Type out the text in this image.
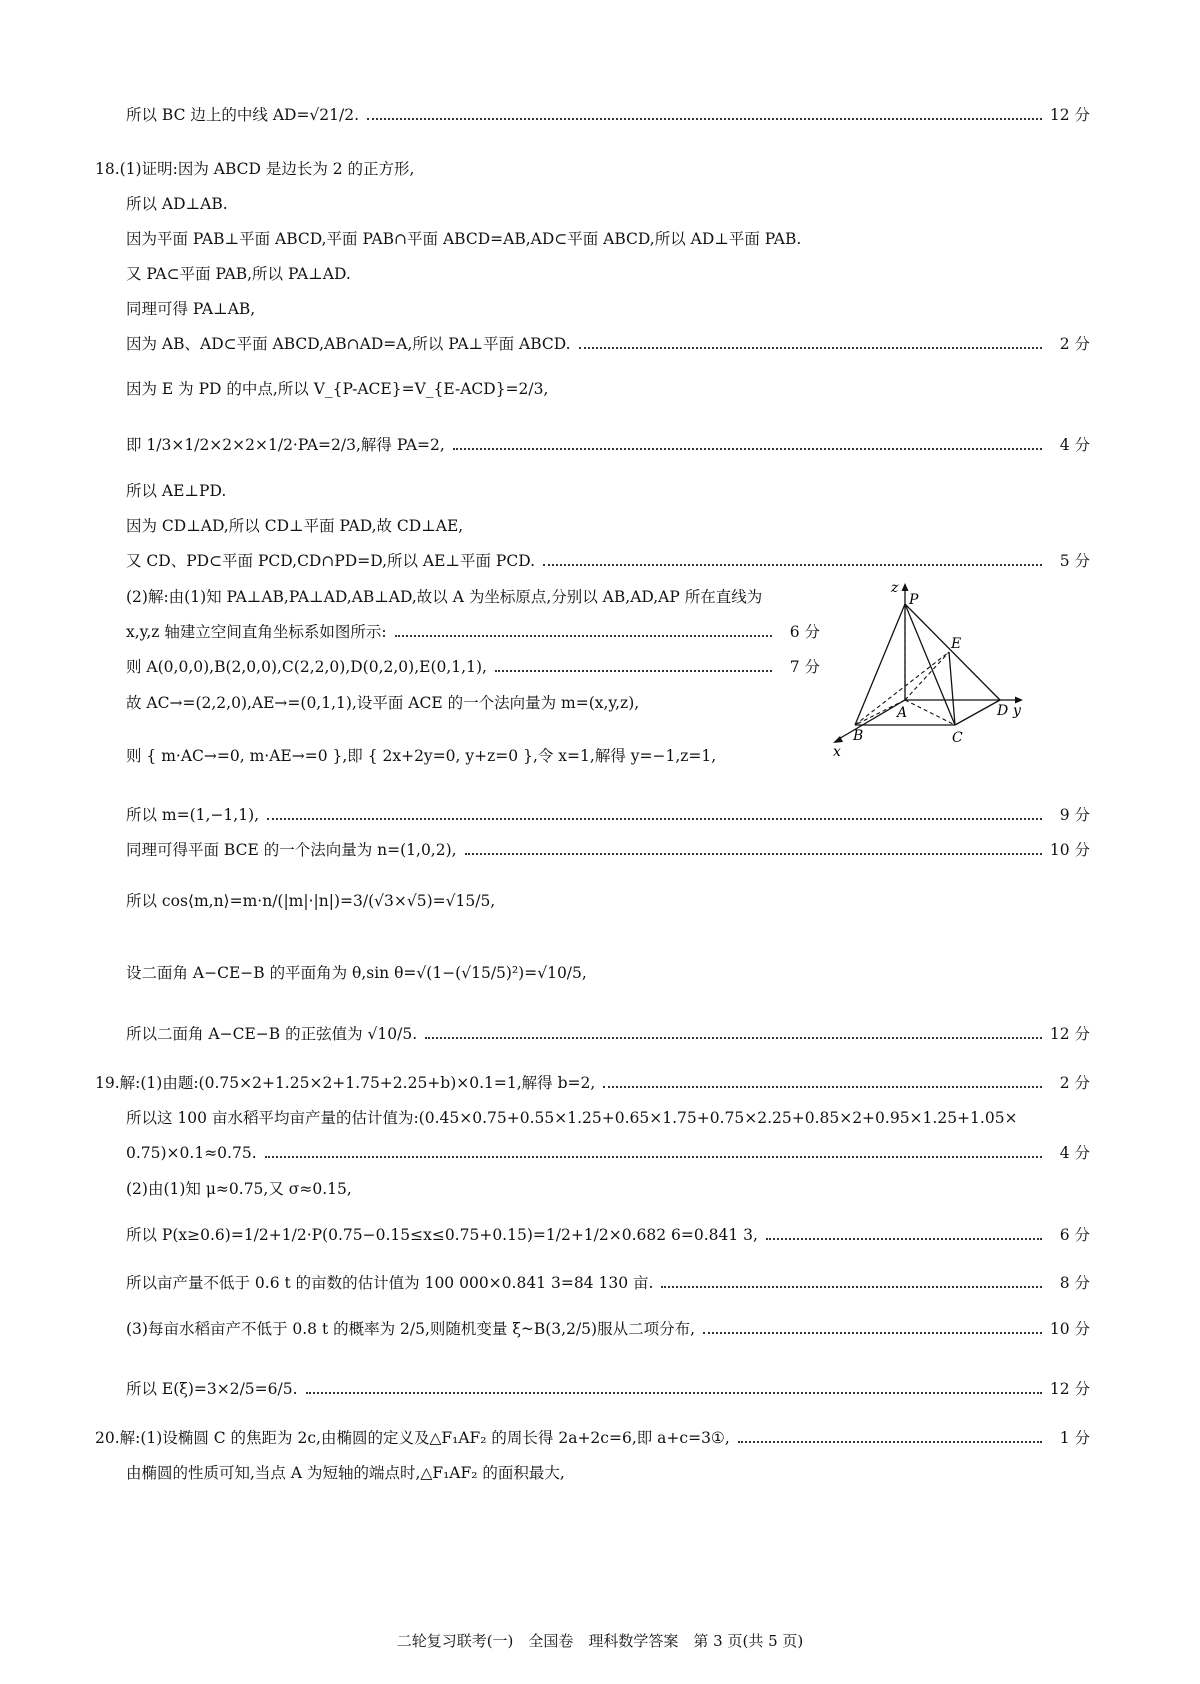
所以 BC 边上的中线 AD=√21/2.	12 分
18.(1)证明:因为 ABCD 是边长为 2 的正方形,
所以 AD⊥AB.
因为平面 PAB⊥平面 ABCD,平面 PAB∩平面 ABCD=AB,AD⊂平面 ABCD,所以 AD⊥平面 PAB.
又 PA⊂平面 PAB,所以 PA⊥AD.
同理可得 PA⊥AB,
因为 AB、AD⊂平面 ABCD,AB∩AD=A,所以 PA⊥平面 ABCD.	2 分
因为 E 为 PD 的中点,所以 V_{P-ACE}=V_{E-ACD}=2/3,
即 1/3×1/2×2×2×1/2·PA=2/3,解得 PA=2,	4 分
所以 AE⊥PD.
因为 CD⊥AD,所以 CD⊥平面 PAD,故 CD⊥AE,
又 CD、PD⊂平面 PCD,CD∩PD=D,所以 AE⊥平面 PCD.	5 分
(2)解:由(1)知 PA⊥AB,PA⊥AD,AB⊥AD,故以 A 为坐标原点,分别以 AB,AD,AP 所在直线为
x,y,z 轴建立空间直角坐标系如图所示:	6 分
则 A(0,0,0),B(2,0,0),C(2,2,0),D(0,2,0),E(0,1,1),	7 分
故 AC→=(2,2,0),AE→=(0,1,1),设平面 ACE 的一个法向量为 m=(x,y,z),
则 { m·AC→=0, m·AE→=0 },即 { 2x+2y=0, y+z=0 },令 x=1,解得 y=−1,z=1,
所以 m=(1,−1,1),	9 分
同理可得平面 BCE 的一个法向量为 n=(1,0,2),	10 分
所以 cos⟨m,n⟩=m·n/(|m|·|n|)=3/(√3×√5)=√15/5,
设二面角 A−CE−B 的平面角为 θ,sin θ=√(1−(√15/5)²)=√10/5,
所以二面角 A−CE−B 的正弦值为 √10/5.	12 分
19.解:(1)由题:(0.75×2+1.25×2+1.75+2.25+b)×0.1=1,解得 b=2,	2 分
所以这 100 亩水稻平均亩产量的估计值为:(0.45×0.75+0.55×1.25+0.65×1.75+0.75×2.25+0.85×2+0.95×1.25+1.05×
0.75)×0.1≈0.75.	4 分
(2)由(1)知 μ≈0.75,又 σ≈0.15,
所以 P(x≥0.6)=1/2+1/2·P(0.75−0.15≤x≤0.75+0.15)=1/2+1/2×0.682 6=0.841 3,	6 分
所以亩产量不低于 0.6 t 的亩数的估计值为 100 000×0.841 3=84 130 亩.	8 分
(3)每亩水稻亩产不低于 0.8 t 的概率为 2/5,则随机变量 ξ~B(3,2/5)服从二项分布,	10 分
所以 E(ξ)=3×2/5=6/5.	12 分
20.解:(1)设椭圆 C 的焦距为 2c,由椭圆的定义及△F₁AF₂ 的周长得 2a+2c=6,即 a+c=3①,	1 分
由椭圆的性质可知,当点 A 为短轴的端点时,△F₁AF₂ 的面积最大,
z
P
E
A	D y
x
B	C
二轮复习联考(一)　全国卷　理科数学答案　第 3 页(共 5 页)
